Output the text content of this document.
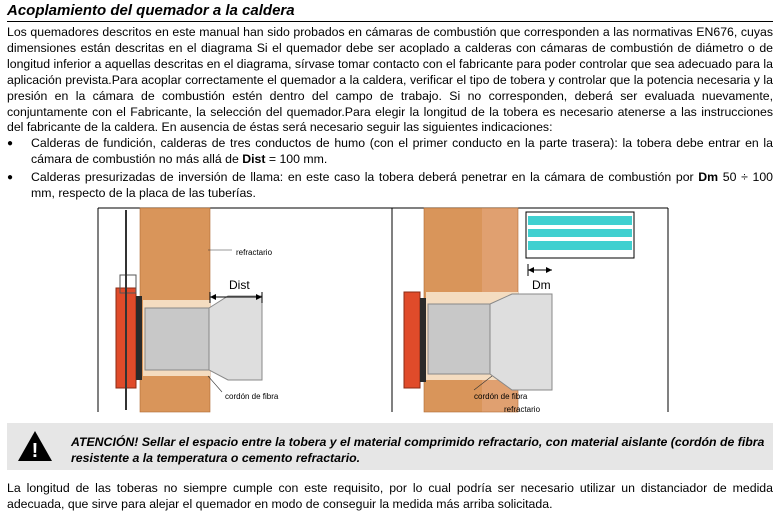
Acoplamiento del quemador a la caldera
Los quemadores descritos en este manual han sido probados en cámaras de combustión que corresponden a las normativas EN676, cuyas dimensiones están descritas en el diagrama Si el quemador debe ser acoplado a calderas con cámaras de combustión de diámetro o de longitud inferior a aquellas descritas en el diagrama, sírvase tomar contacto con el fabricante para poder controlar que sea adecuado para la aplicación prevista.Para acoplar correctamente el quemador a la caldera, verificar el tipo de tobera y controlar que la potencia necesaria y la presión en la cámara de combustión estén dentro del campo de trabajo. Si no corresponden, deberá ser evaluada nuevamente, conjuntamente con el Fabricante, la selección del quemador.Para elegir la longitud de la tobera es necesario atenerse a las instrucciones del fabricante de la caldera. En ausencia de éstas será necesario seguir las siguientes indicaciones:
● Calderas de fundición, calderas de tres conductos de humo (con el primer conducto en la parte trasera): la tobera debe entrar en la cámara de combustión no más allá de Dist = 100 mm.
● Calderas presurizadas de inversión de llama: en este caso la tobera deberá penetrar en la cámara de combustión por Dm 50 ÷ 100 mm, respecto de la placa de las tuberías.
Dist
refractario
cordón de fibra
Dm
cordón de fibra
refractario
!	ATENCIÓN! Sellar el espacio entre la tobera y el material comprimido refractario, con material aislante (cordón de fibra resistente a la temperatura o cemento refractario.
La longitud de las toberas no siempre cumple con este requisito, por lo cual podría ser necesario utilizar un distanciador de medida adecuada, que sirve para alejar el quemador en modo de conseguir la medida más arriba solicitada.
